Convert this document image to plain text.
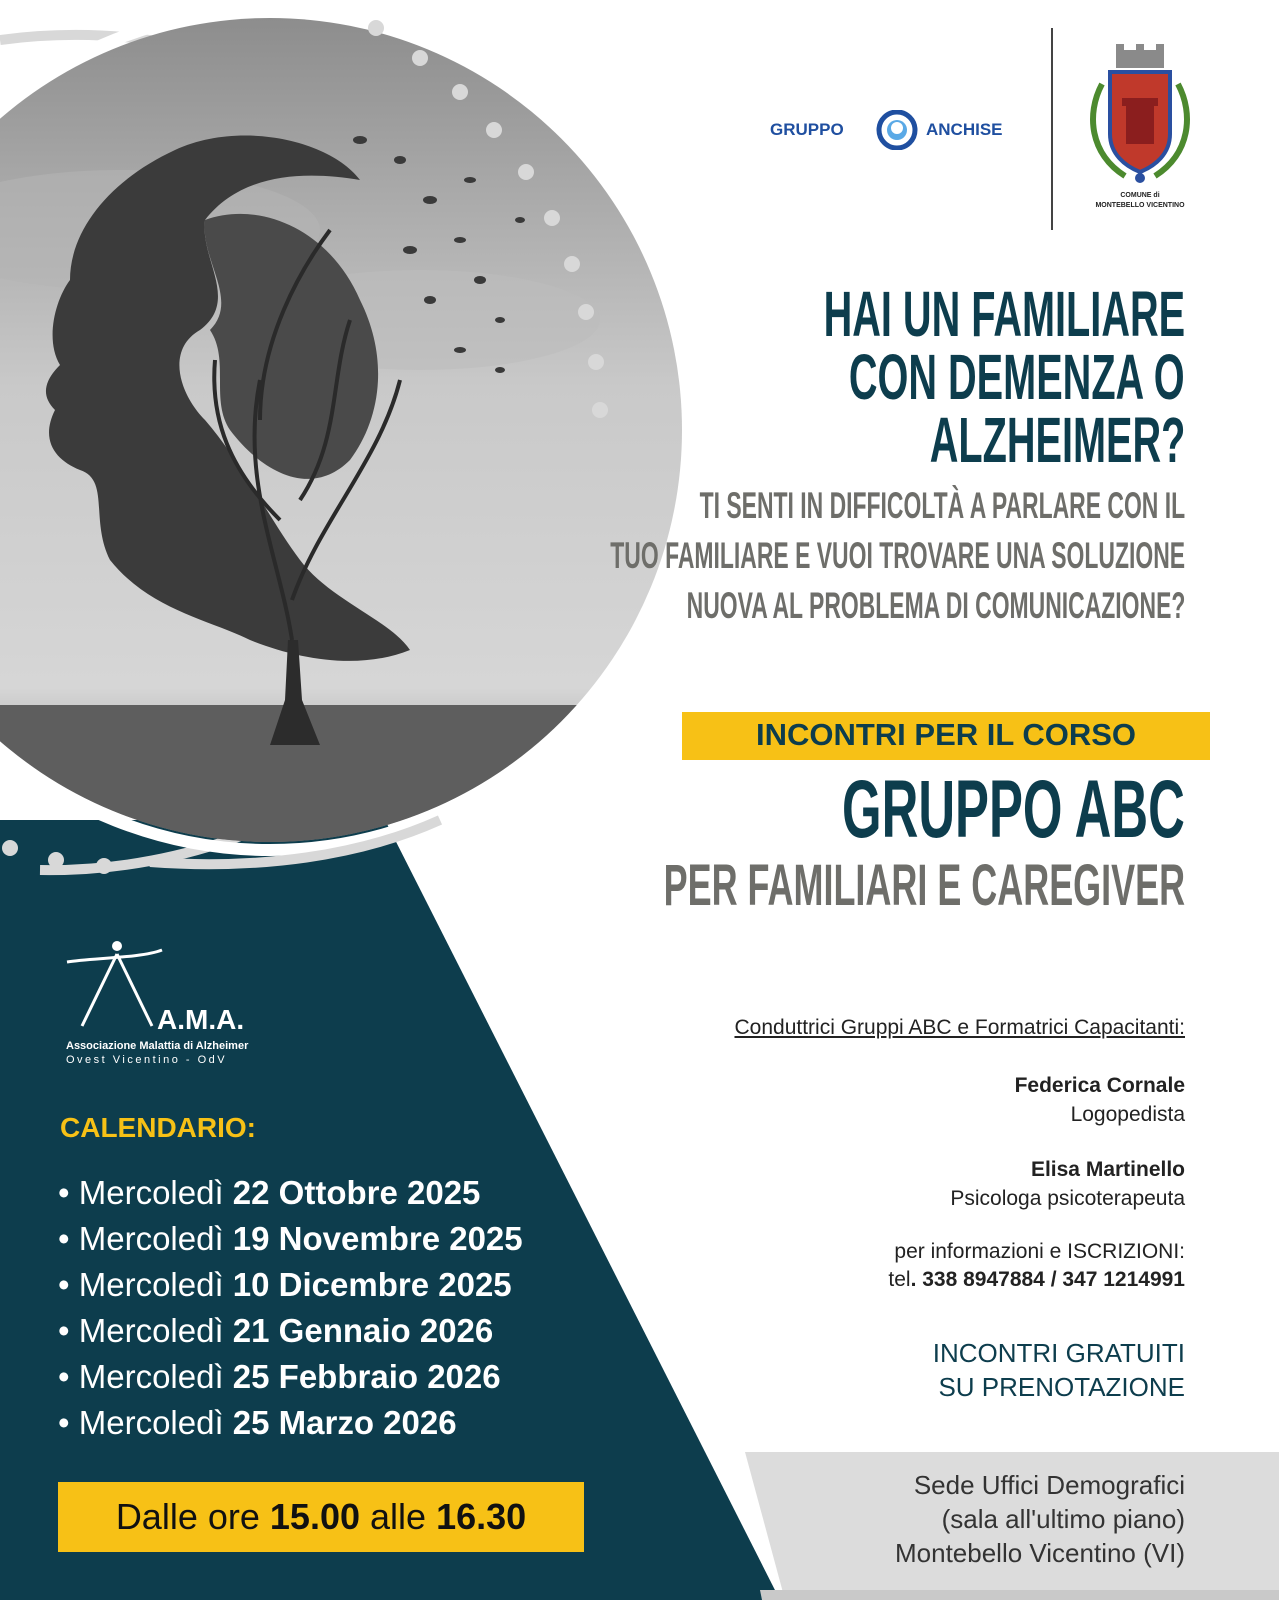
GRUPPO	ANCHISE
COMUNE di
MONTEBELLO VICENTINO
HAI UN FAMILIARE
CON DEMENZA O
ALZHEIMER?
TI SENTI IN DIFFICOLTÀ A PARLARE CON IL
TUO FAMILIARE E VUOI TROVARE UNA SOLUZIONE
NUOVA AL PROBLEMA DI COMUNICAZIONE?
INCONTRI PER IL CORSO
GRUPPO ABC
PER FAMILIARI E CAREGIVER
A.M.A.
Associazione Malattia di Alzheimer
Ovest Vicentino - OdV
CALENDARIO:
• Mercoledì 22 Ottobre 2025
• Mercoledì 19 Novembre 2025
• Mercoledì 10 Dicembre 2025
• Mercoledì 21 Gennaio 2026
• Mercoledì 25 Febbraio 2026
• Mercoledì 25 Marzo 2026
Dalle ore 15.00 alle 16.30
Conduttrici Gruppi ABC e Formatrici Capacitanti:
Federica Cornale
Logopedista
Elisa Martinello
Psicologa psicoterapeuta
per informazioni e ISCRIZIONI:
tel. 338 8947884 / 347 1214991
INCONTRI GRATUITI
SU PRENOTAZIONE
Sede Uffici Demografici
(sala all'ultimo piano)
Montebello Vicentino (VI)
